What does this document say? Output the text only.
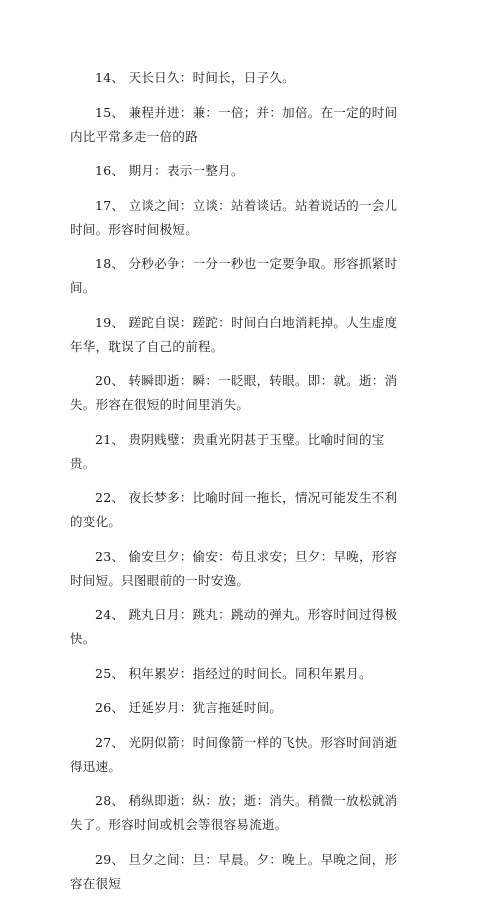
14、 天长日久：时间长，日子久。

15、 兼程并进：兼：一倍；并：加倍。在一定的时间内比平常多走一倍的路

16、 期月：表示一整月。

17、 立谈之间：立谈：站着谈话。站着说话的一会儿时间。形容时间极短。

18、 分秒必争：一分一秒也一定要争取。形容抓紧时间。

19、 蹉跎自误：蹉跎：时间白白地消耗掉。人生虚度年华，耽误了自己的前程。

20、 转瞬即逝：瞬：一眨眼，转眼。即：就。逝：消失。形容在很短的时间里消失。

21、 贵阴贱璧：贵重光阴甚于玉璧。比喻时间的宝贵。

22、 夜长梦多：比喻时间一拖长，情况可能发生不利的变化。

23、 偷安旦夕：偷安：苟且求安；旦夕：早晚，形容时间短。只图眼前的一时安逸。

24、 跳丸日月：跳丸：跳动的弹丸。形容时间过得极快。

25、 积年累岁：指经过的时间长。同积年累月。

26、 迁延岁月：犹言拖延时间。

27、 光阴似箭：时间像箭一样的飞快。形容时间消逝得迅速。

28、 稍纵即逝：纵：放；逝：消失。稍微一放松就消失了。形容时间或机会等很容易流逝。

29、 旦夕之间：旦：早晨。夕：晚上。早晚之间，形容在很短
